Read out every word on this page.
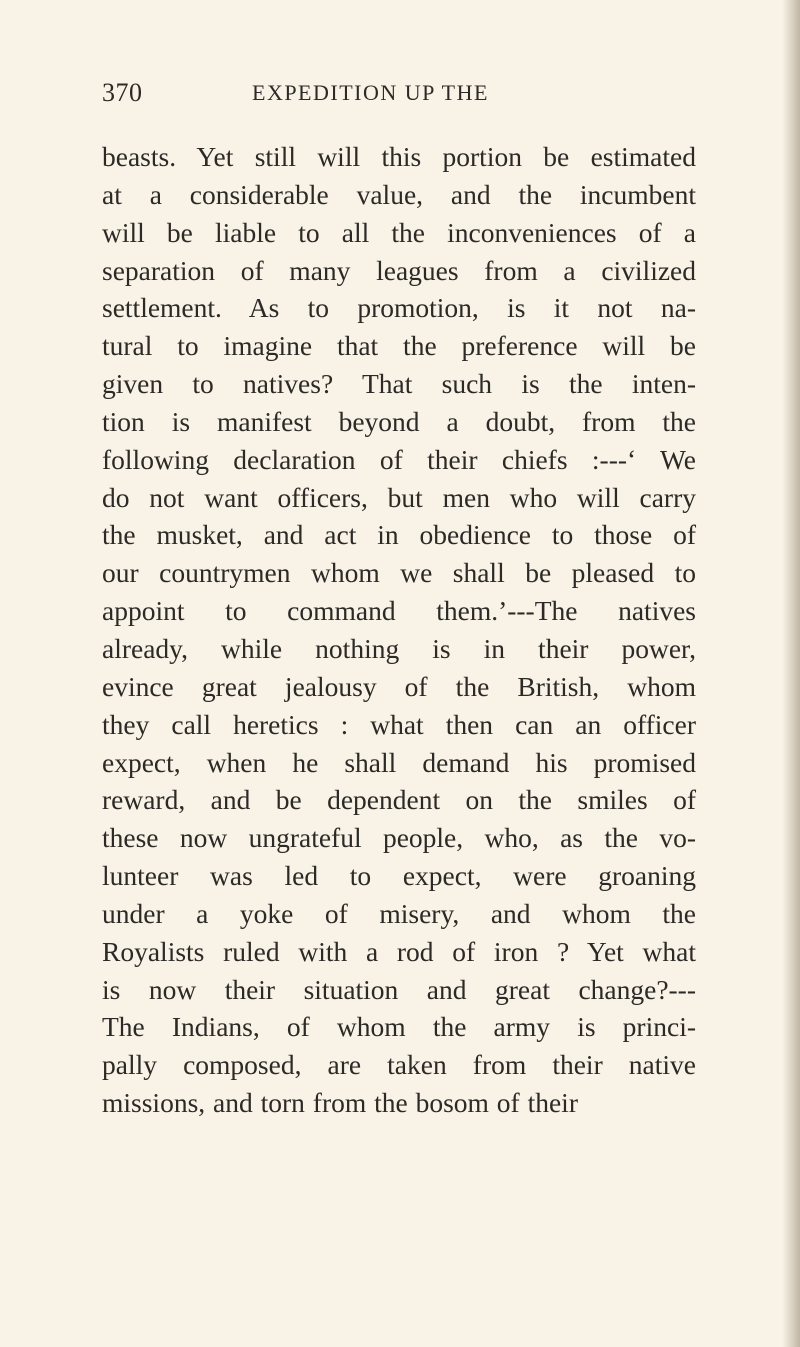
370	EXPEDITION UP THE
beasts. Yet still will this portion be estimated
at a considerable value, and the incumbent
will be liable to all the inconveniences of a
separation of many leagues from a civilized
settlement. As to promotion, is it not na-
tural to imagine that the preference will be
given to natives? That such is the inten-
tion is manifest beyond a doubt, from the
following declaration of their chiefs :---‘ We
do not want officers, but men who will carry
the musket, and act in obedience to those of
our countrymen whom we shall be pleased to
appoint to command them.’---The natives
already, while nothing is in their power,
evince great jealousy of the British, whom
they call heretics : what then can an officer
expect, when he shall demand his promised
reward, and be dependent on the smiles of
these now ungrateful people, who, as the vo-
lunteer was led to expect, were groaning
under a yoke of misery, and whom the
Royalists ruled with a rod of iron ? Yet what
is now their situation and great change?---
The Indians, of whom the army is princi-
pally composed, are taken from their native
missions, and torn from the bosom of their
